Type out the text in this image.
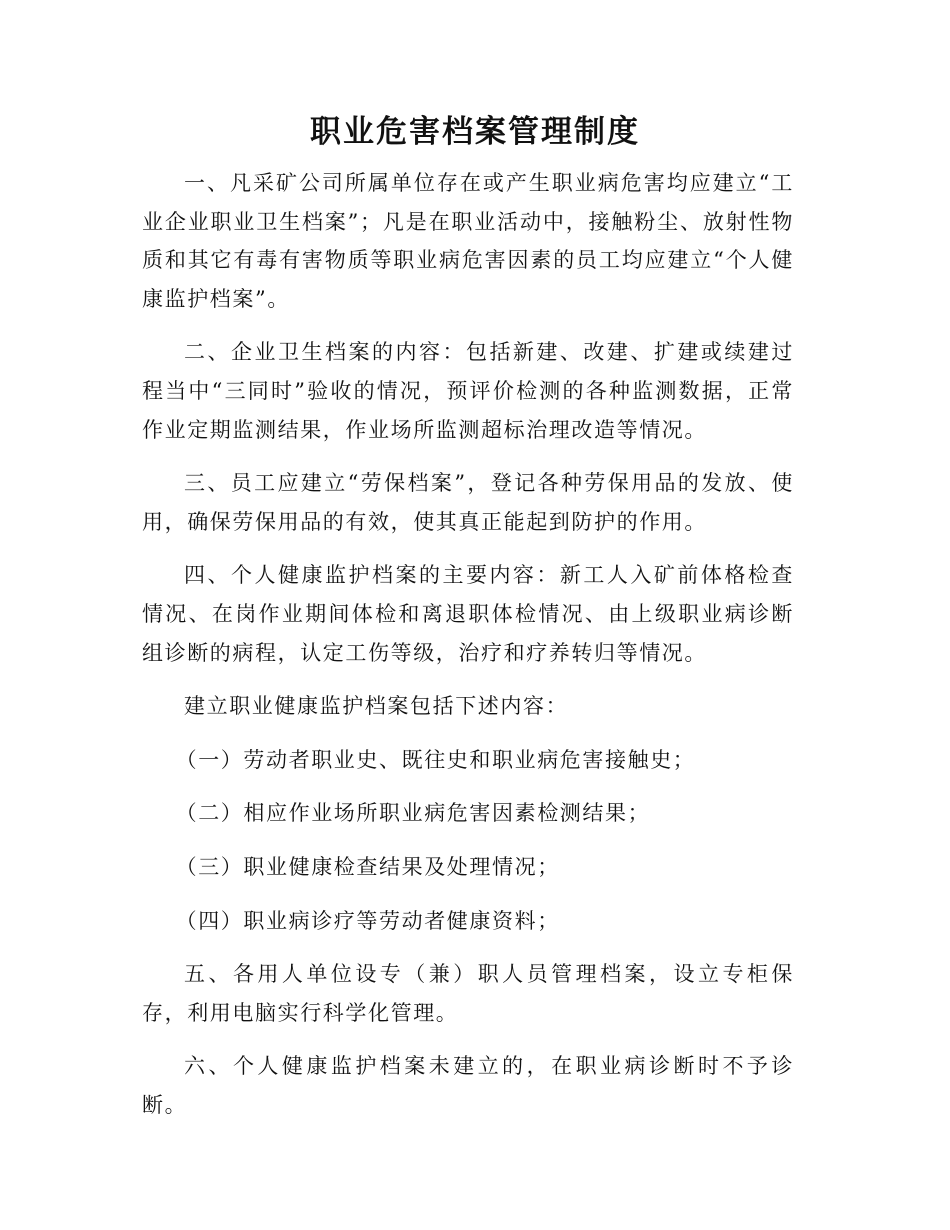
职业危害档案管理制度

一、凡采矿公司所属单位存在或产生职业病危害均应建立“工业企业职业卫生档案”；凡是在职业活动中，接触粉尘、放射性物质和其它有毒有害物质等职业病危害因素的员工均应建立“个人健康监护档案”。

二、企业卫生档案的内容：包括新建、改建、扩建或续建过程当中“三同时”验收的情况，预评价检测的各种监测数据，正常作业定期监测结果，作业场所监测超标治理改造等情况。

三、员工应建立“劳保档案”，登记各种劳保用品的发放、使用，确保劳保用品的有效，使其真正能起到防护的作用。

四、个人健康监护档案的主要内容：新工人入矿前体格检查情况、在岗作业期间体检和离退职体检情况、由上级职业病诊断组诊断的病程，认定工伤等级，治疗和疗养转归等情况。

建立职业健康监护档案包括下述内容：

（一）劳动者职业史、既往史和职业病危害接触史；

（二）相应作业场所职业病危害因素检测结果；

（三）职业健康检查结果及处理情况；

（四）职业病诊疗等劳动者健康资料；

五、各用人单位设专（兼）职人员管理档案，设立专柜保存，利用电脑实行科学化管理。

六、个人健康监护档案未建立的，在职业病诊断时不予诊断。
